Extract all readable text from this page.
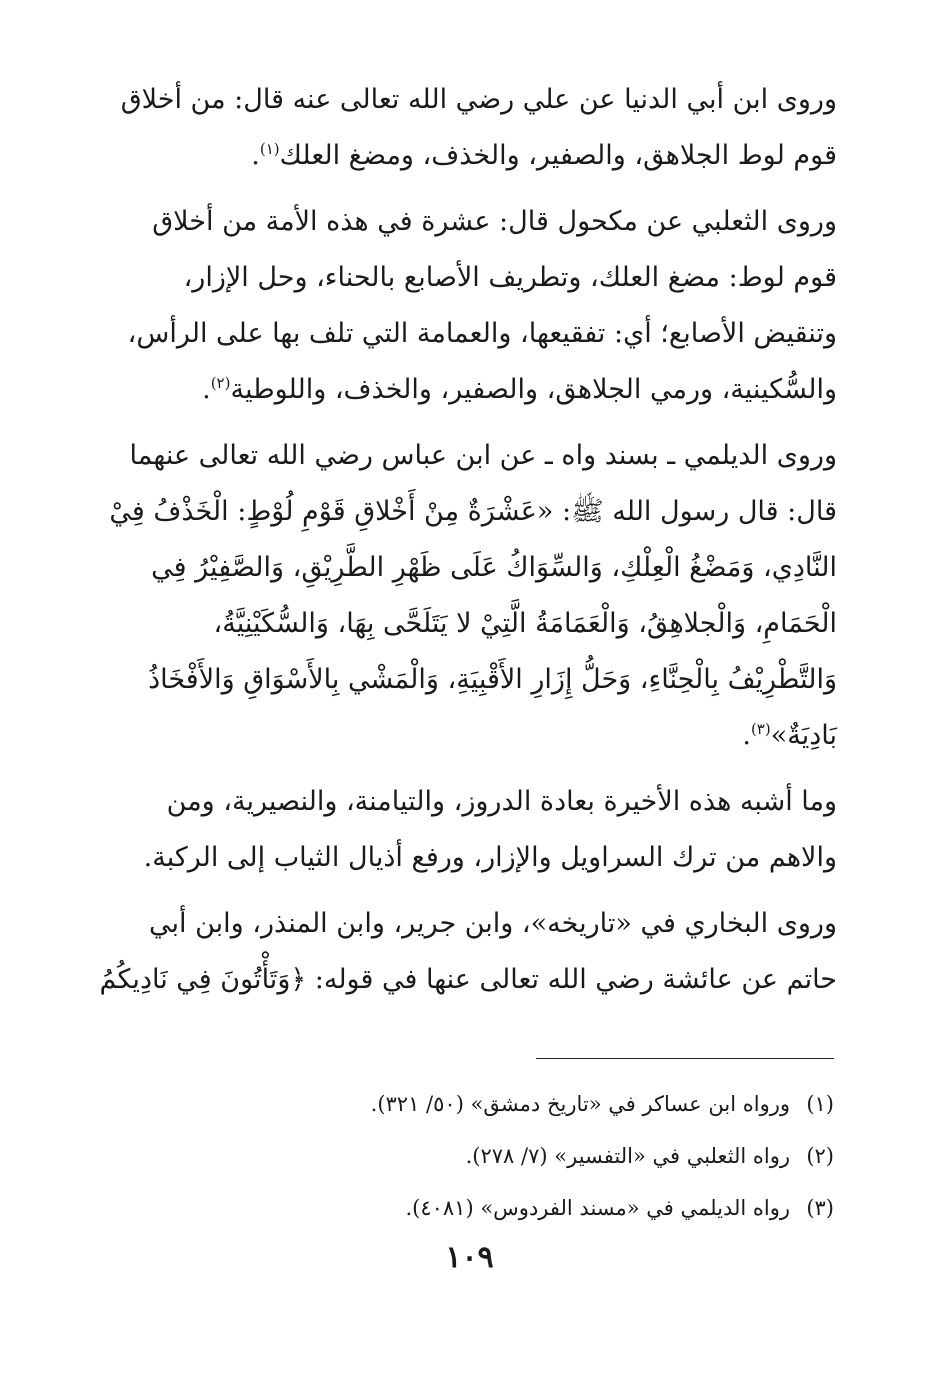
وروى ابن أبي الدنيا عن علي رضي الله تعالى عنه قال: من أخلاق
قوم لوط الجلاهق، والصفير، والخذف، ومضغ العلك$^{(١)}$.

وروى الثعلبي عن مكحول قال: عشرة في هذه الأمة من أخلاق
قوم لوط: مضغ العلك، وتطريف الأصابع بالحناء، وحل الإزار،
وتنقيض الأصابع؛ أي: تفقيعها، والعمامة التي تلف بها على الرأس،
والسُّكينية، ورمي الجلاهق، والصفير، والخذف، واللوطية$^{(٢)}$.

وروى الديلمي ـ بسند واه ـ عن ابن عباس رضي الله تعالى عنهما
قال: قال رسول الله ﷺ: «عَشْرَةٌ مِنْ أَخْلاقِ قَوْمِ لُوْطٍ: الْخَذْفُ فِيْ
النَّادِي، وَمَضْغُ الْعِلْكِ، وَالسِّوَاكُ عَلَى ظَهْرِ الطَّرِيْقِ، وَالصَّفِيْرُ فِي
الْحَمَامِ، وَالْجلاهِقُ، وَالْعَمَامَةُ الَّتِيْ لا يَتَلَحَّى بِهَا، وَالسُّكَيْنِيَّةُ،
وَالتَّطْرِيْفُ بِالْحِنَّاءِ، وَحَلُّ إِزَارِ الأَقْبِيَةِ، وَالْمَشْي بِالأَسْوَاقِ وَالأَفْخَاذُ
بَادِيَةٌ»$^{(٣)}$.

وما أشبه هذه الأخيرة بعادة الدروز، والتيامنة، والنصيرية، ومن
والاهم من ترك السراويل والإزار، ورفع أذيال الثياب إلى الركبة.

وروى البخاري في «تاريخه»، وابن جرير، وابن المنذر، وابن أبي
حاتم عن عائشة رضي الله تعالى عنها في قوله: ﴿وَتَأْتُونَ فِي نَادِيكُمُ

(١)ورواه ابن عساكر في «تاريخ دمشق» (٥٠/ ٣٢١).
(٢)رواه الثعلبي في «التفسير» (٧/ ٢٧٨).
(٣)رواه الديلمي في «مسند الفردوس» (٤٠٨١).
١٠٩
